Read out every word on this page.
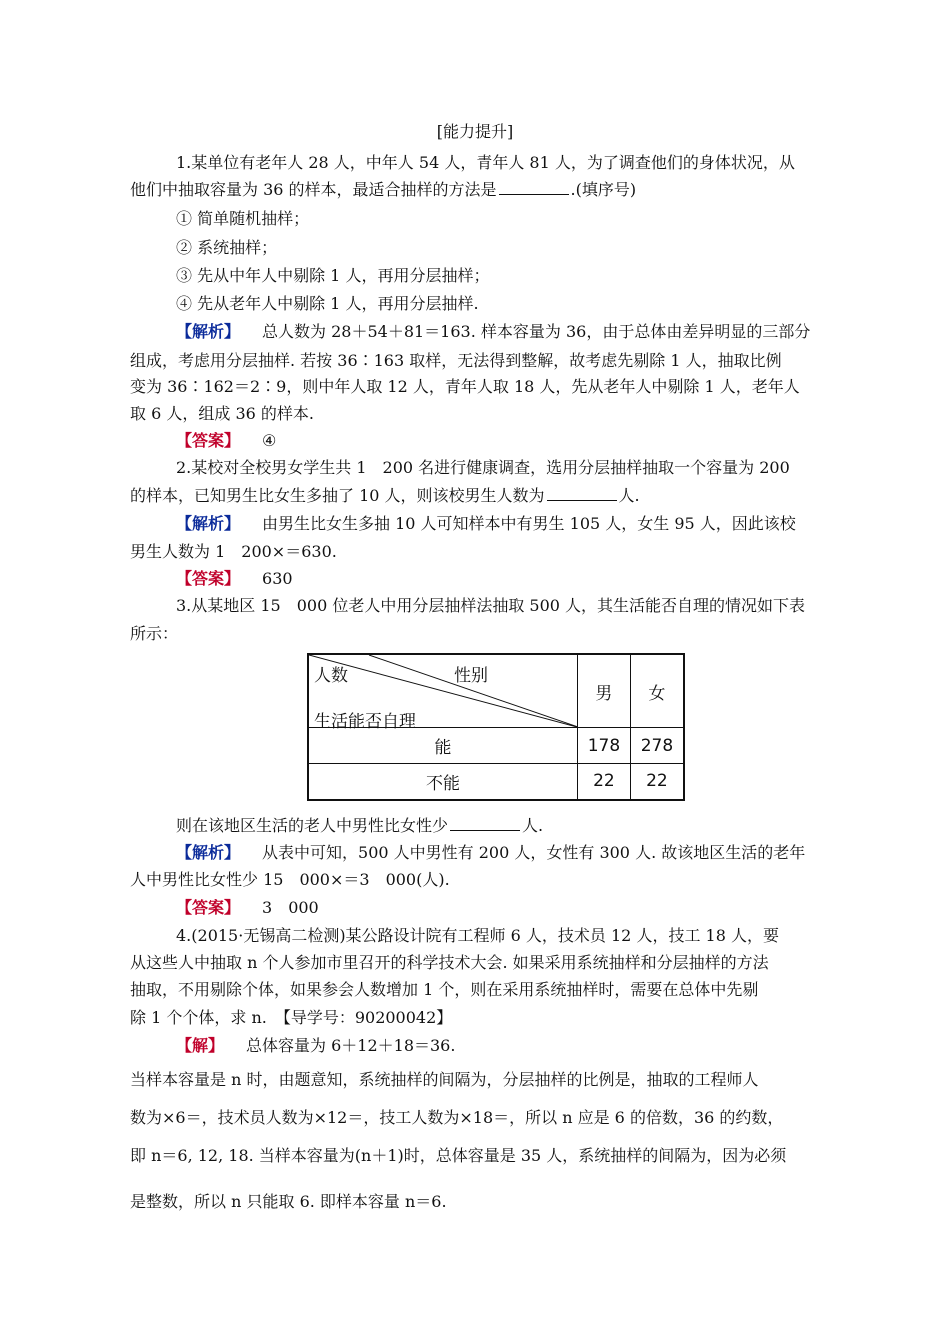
[能力提升]
1.某单位有老年人 28 人，中年人 54 人，青年人 81 人，为了调查他们的身体状况，从
他们中抽取容量为 36 的样本，最适合抽样的方法是	.(填序号)
① 简单随机抽样；
② 系统抽样；
③ 先从中年人中剔除 1 人，再用分层抽样；
④ 先从老年人中剔除 1 人，再用分层抽样.
【解析】 总人数为 28＋54＋81＝163. 样本容量为 36，由于总体由差异明显的三部分
组成，考虑用分层抽样. 若按 36∶163 取样，无法得到整解，故考虑先剔除 1 人，抽取比例
变为 36∶162＝2∶9，则中年人取 12 人，青年人取 18 人，先从老年人中剔除 1 人，老年人
取 6 人，组成 36 的样本.
【答案】 ④
2.某校对全校男女学生共 1　200 名进行健康调查，选用分层抽样抽取一个容量为 200
的样本，已知男生比女生多抽了 10 人，则该校男生人数为	人.
【解析】 由男生比女生多抽 10 人可知样本中有男生 105 人，女生 95 人，因此该校
男生人数为 1　200×＝630.
【答案】 630
3.从某地区 15　000 位老人中用分层抽样法抽取 500 人，其生活能否自理的情况如下表
所示：
人数 性别
生活能否自理	男	女
能	178	278
不能	22	22
则在该地区生活的老人中男性比女性少	人.
【解析】 从表中可知，500 人中男性有 200 人，女性有 300 人. 故该地区生活的老年
人中男性比女性少 15　000×＝3　000(人).
【答案】 3　000
4.(2015·无锡高二检测)某公路设计院有工程师 6 人，技术员 12 人，技工 18 人，要
从这些人中抽取 n 个人参加市里召开的科学技术大会. 如果采用系统抽样和分层抽样的方法
抽取，不用剔除个体，如果参会人数增加 1 个，则在采用系统抽样时，需要在总体中先剔
除 1 个个体，求 n.　【导学号：90200042】
【解】 总体容量为 6＋12＋18＝36.
当样本容量是 n 时，由题意知，系统抽样的间隔为，分层抽样的比例是，抽取的工程师人
数为×6＝，技术员人数为×12＝，技工人数为×18＝，所以 n 应是 6 的倍数，36 的约数，
即 n＝6, 12, 18. 当样本容量为(n＋1)时，总体容量是 35 人，系统抽样的间隔为，因为必须
是整数，所以 n 只能取 6. 即样本容量 n＝6.
